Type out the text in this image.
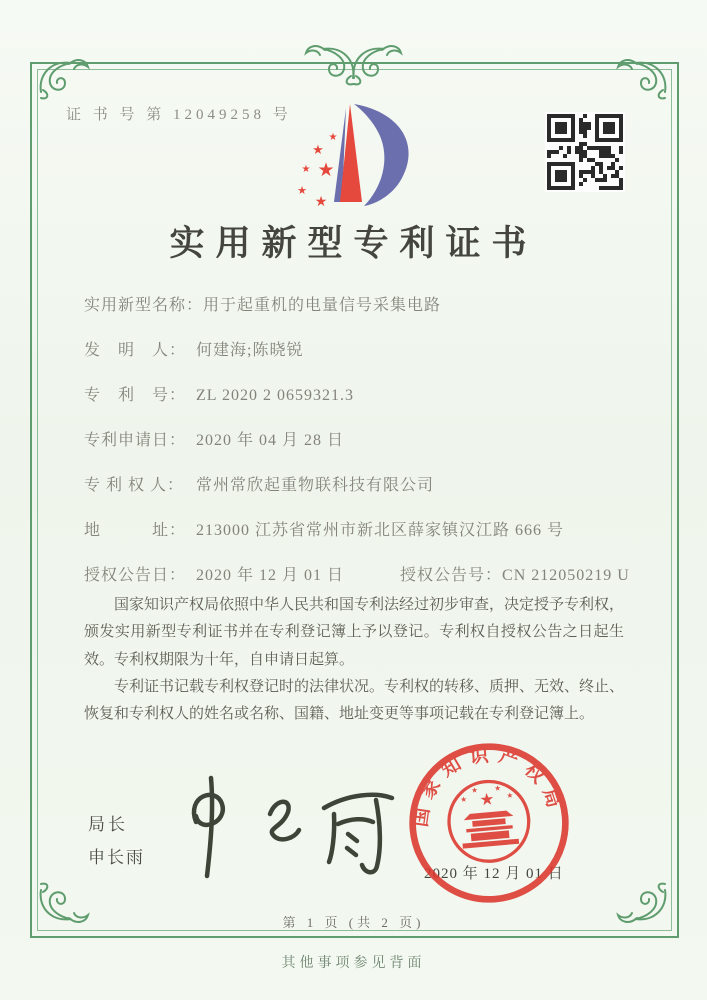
证 书 号 第 12049258 号
★
★
★ ★
★
★
实用新型专利证书
实用新型名称：用于起重机的电量信号采集电路
发　明　人： 何建海;陈晓锐
专　利　号： ZL 2020 2 0659321.3
专利申请日： 2020 年 04 月 28 日
专 利 权 人： 常州常欣起重物联科技有限公司
地　　　址： 213000 江苏省常州市新北区薛家镇汉江路 666 号
授权公告日： 2020 年 12 月 01 日	授权公告号：CN 212050219 U

国家知识产权局依照中华人民共和国专利法经过初步审查，决定授予专利权，颁发实用新型专利证书并在专利登记簿上予以登记。专利权自授权公告之日起生效。专利权期限为十年，自申请日起算。

专利证书记载专利权登记时的法律状况。专利权的转移、质押、无效、终止、恢复和专利权人的姓名或名称、国籍、地址变更等事项记载在专利登记簿上。

局长
申长雨
2020 年 12 月 01 日
国家知识产权局
★
★
★ ★
★
第 1 页 (共 2 页)
其他事项参见背面
